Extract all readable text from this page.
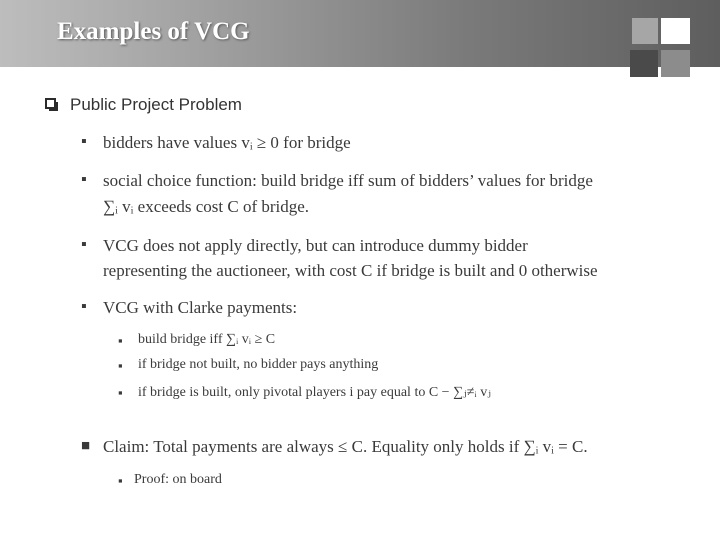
Examples of VCG
Public Project Problem
▪ bidders have values vᵢ ≥ 0 for bridge
▪ social choice function: build bridge iff sum of bidders’ values for bridge
∑ᵢ vᵢ exceeds cost C of bridge.
▪ VCG does not apply directly, but can introduce dummy bidder
representing the auctioneer, with cost C if bridge is built and 0 otherwise
▪ VCG with Clarke payments:
▪ build bridge iff ∑ᵢ vᵢ ≥ C
▪ if bridge not built, no bidder pays anything
▪ if bridge is built, only pivotal players i pay equal to C − ∑ⱼ≠ᵢ vⱼ
■ Claim: Total payments are always ≤ C. Equality only holds if ∑ᵢ vᵢ = C.
▪ Proof: on board
